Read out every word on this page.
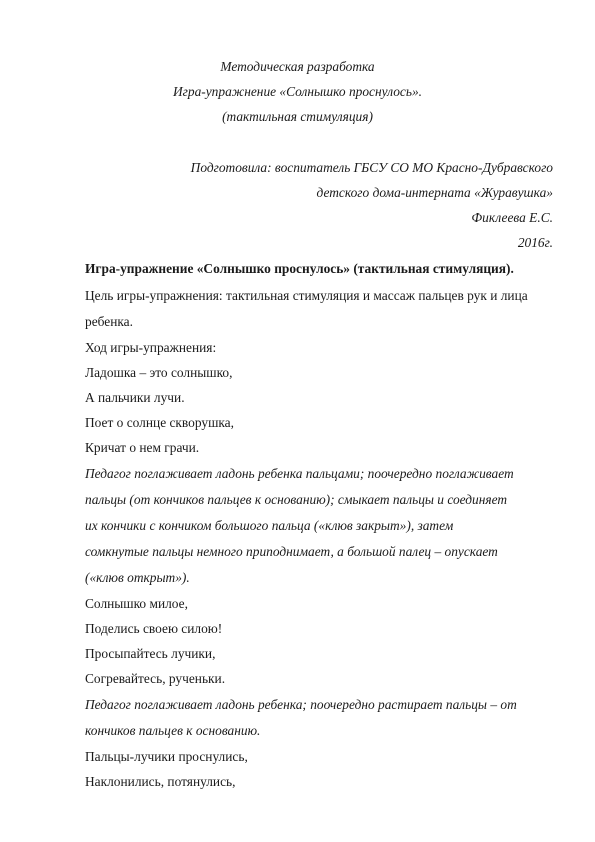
Методическая разработка
Игра-упражнение «Солнышко проснулось».
(тактильная стимуляция)
Подготовила: воспитатель ГБСУ СО МО Красно-Дубравского
детского дома-интерната «Журавушка»
Фиклеева Е.С.
2016г.
Игра-упражнение «Солнышко проснулось» (тактильная стимуляция).
Цель игры-упражнения: тактильная стимуляция и массаж пальцев рук и лица
ребенка.
Ход игры-упражнения:
Ладошка – это солнышко,
А пальчики лучи.
Поет о солнце скворушка,
Кричат о нем грачи.
Педагог поглаживает ладонь ребенка пальцами; поочередно поглаживает
пальцы (от кончиков пальцев к основанию); смыкает пальцы и соединяет
их кончики с кончиком большого пальца («клюв закрыт»), затем
сомкнутые пальцы немного приподнимает, а большой палец – опускает
(«клюв открыт»).
Солнышко милое,
Поделись своею силою!
Просыпайтесь лучики,
Согревайтесь, рученьки.
Педагог поглаживает ладонь ребенка; поочередно растирает пальцы – от
кончиков пальцев к основанию.
Пальцы-лучики проснулись,
Наклонились, потянулись,
